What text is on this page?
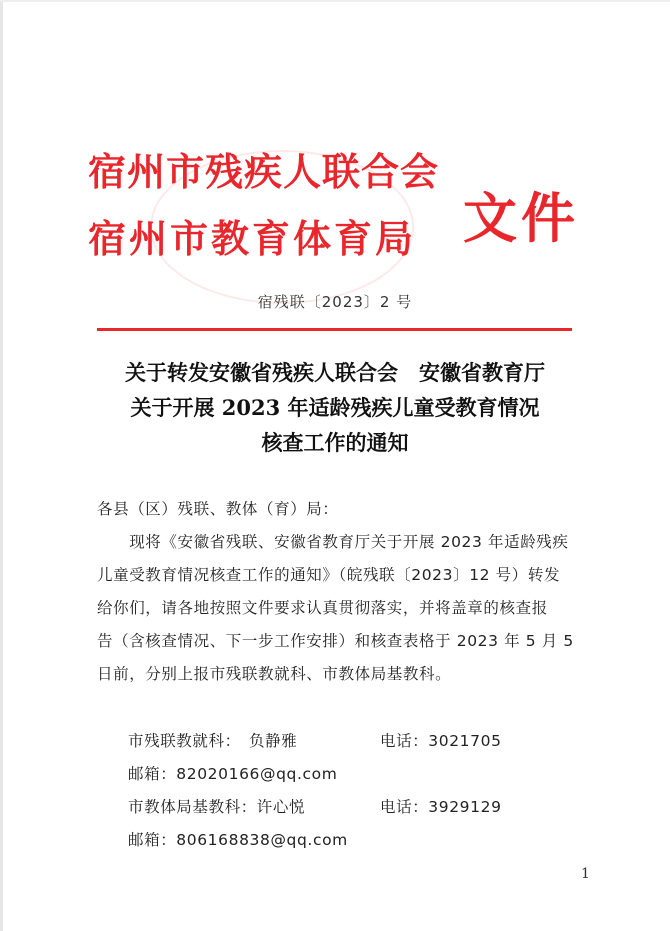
宿州市残疾人联合会
宿州市教育体育局 文件
宿残联〔2023〕2 号
关于转发安徽省残疾人联合会　安徽省教育厅
关于开展 2023 年适龄残疾儿童受教育情况
核查工作的通知
各县（区）残联、教体（育）局：
　　现将《安徽省残联、安徽省教育厅关于开展 2023 年适龄残疾
儿童受教育情况核查工作的通知》（皖残联〔2023〕12 号）转发
给你们，请各地按照文件要求认真贯彻落实，并将盖章的核查报
告（含核查情况、下一步工作安排）和核查表格于 2023 年 5 月 5
日前，分别上报市残联教就科、市教体局基教科。
市残联教就科：　负静雅	电话：3021705
邮箱：82020166@qq.com
市教体局基教科：许心悦	电话：3929129
邮箱：806168838@qq.com
1
